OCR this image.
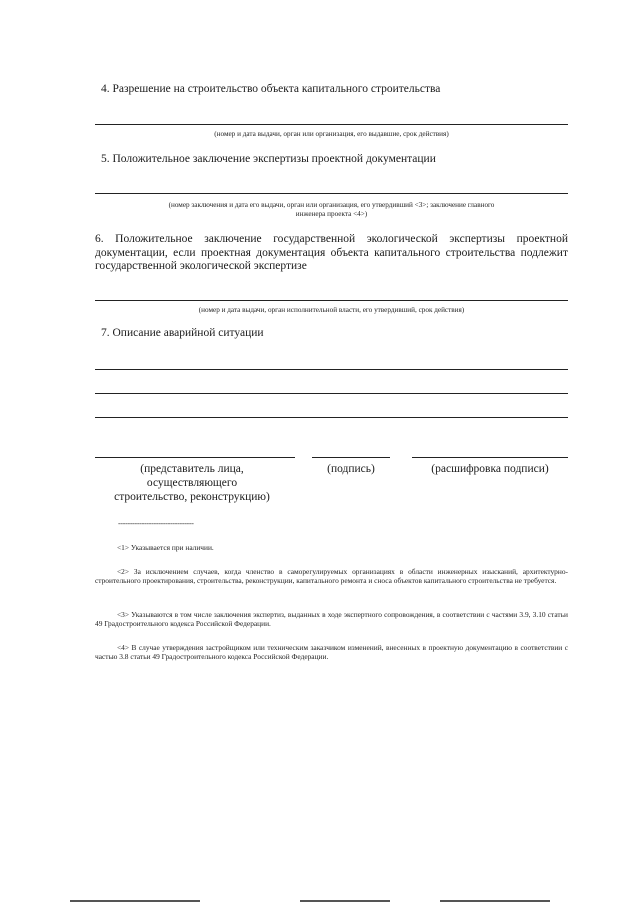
4. Разрешение на строительство объекта капитального строительства
(номер и дата выдачи, орган или организация, его выдавшие, срок действия)
5. Положительное заключение экспертизы проектной документации
(номер заключения и дата его выдачи, орган или организация, его утвердивший <3>; заключение главного
инженера проекта <4>)
6. Положительное заключение государственной экологической экспертизы проектной документации, если проектная документация объекта капитального строительства подлежит государственной экологической экспертизе
(номер и дата выдачи, орган исполнительной власти, его утвердивший, срок действия)
7. Описание аварийной ситуации
(представитель лица, осуществляющего строительство, реконструкцию)
(подпись)	(расшифровка подписи)
--------------------------------
<1> Указывается при наличии.
<2> За исключением случаев, когда членство в саморегулируемых организациях в области инженерных изысканий, архитектурно-строительного проектирования, строительства, реконструкции, капитального ремонта и сноса объектов капитального строительства не требуется.
<3> Указываются в том числе заключения экспертиз, выданных в ходе экспертного сопровождения, в соответствии с частями 3.9, 3.10 статьи 49 Градостроительного кодекса Российской Федерации.
<4> В случае утверждения застройщиком или техническим заказчиком изменений, внесенных в проектную документацию в соответствии с частью 3.8 статьи 49 Градостроительного кодекса Российской Федерации.
